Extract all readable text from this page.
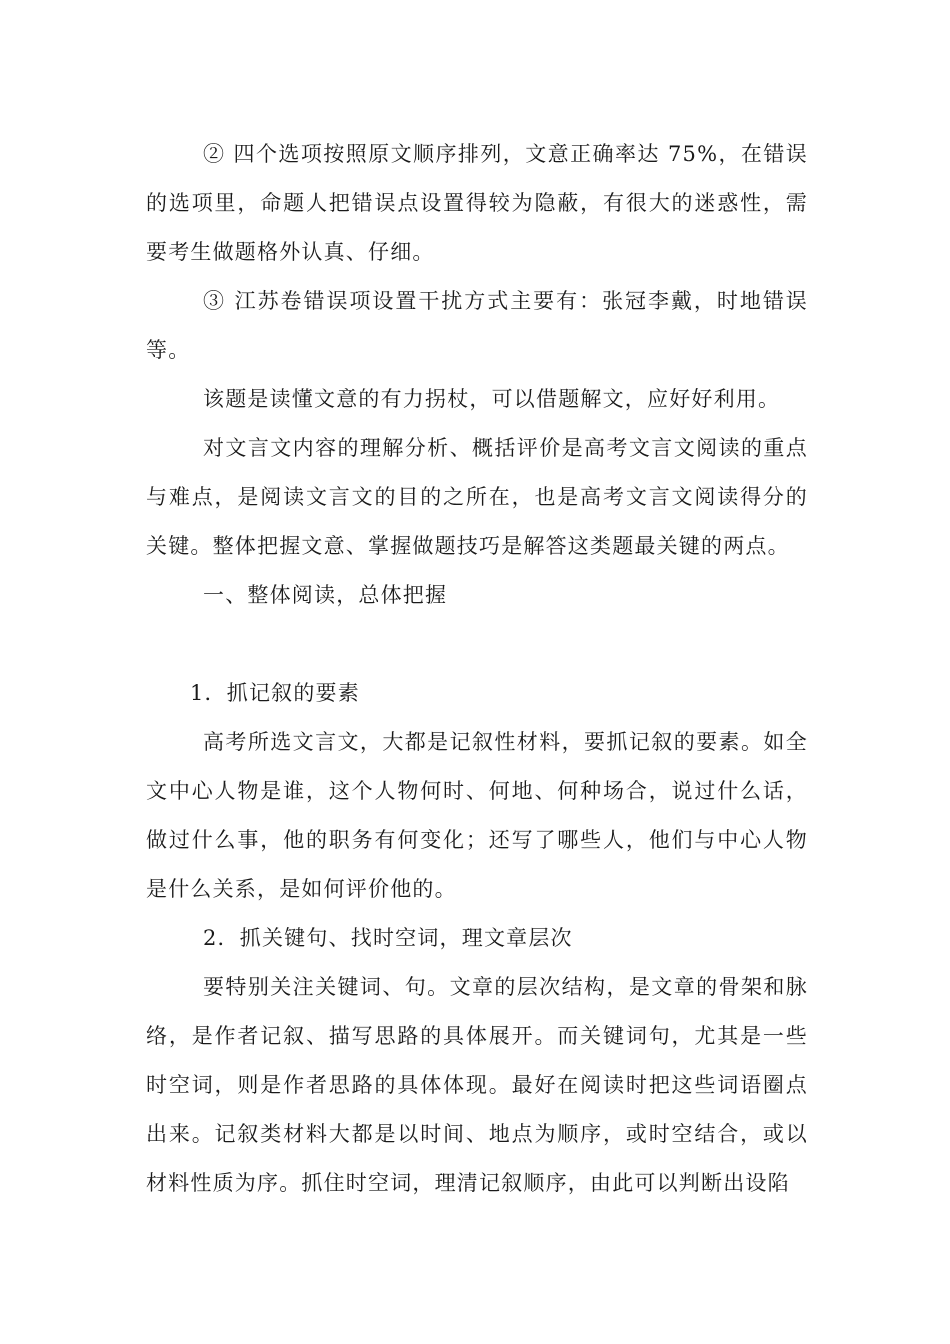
② 四个选项按照原文顺序排列，文意正确率达 75%，在错误的选项里，命题人把错误点设置得较为隐蔽，有很大的迷惑性，需要考生做题格外认真、仔细。

③ 江苏卷错误项设置干扰方式主要有：张冠李戴，时地错误等。

该题是读懂文意的有力拐杖，可以借题解文，应好好利用。

对文言文内容的理解分析、概括评价是高考文言文阅读的重点与难点，是阅读文言文的目的之所在，也是高考文言文阅读得分的关键。整体把握文意、掌握做题技巧是解答这类题最关键的两点。

一、整体阅读，总体把握

1．抓记叙的要素

高考所选文言文，大都是记叙性材料，要抓记叙的要素。如全文中心人物是谁，这个人物何时、何地、何种场合，说过什么话，做过什么事，他的职务有何变化；还写了哪些人，他们与中心人物是什么关系，是如何评价他的。

2．抓关键句、找时空词，理文章层次

要特别关注关键词、句。文章的层次结构，是文章的骨架和脉络，是作者记叙、描写思路的具体展开。而关键词句，尤其是一些时空词，则是作者思路的具体体现。最好在阅读时把这些词语圈点出来。记叙类材料大都是以时间、地点为顺序，或时空结合，或以材料性质为序。抓住时空词，理清记叙顺序，由此可以判断出设陷
